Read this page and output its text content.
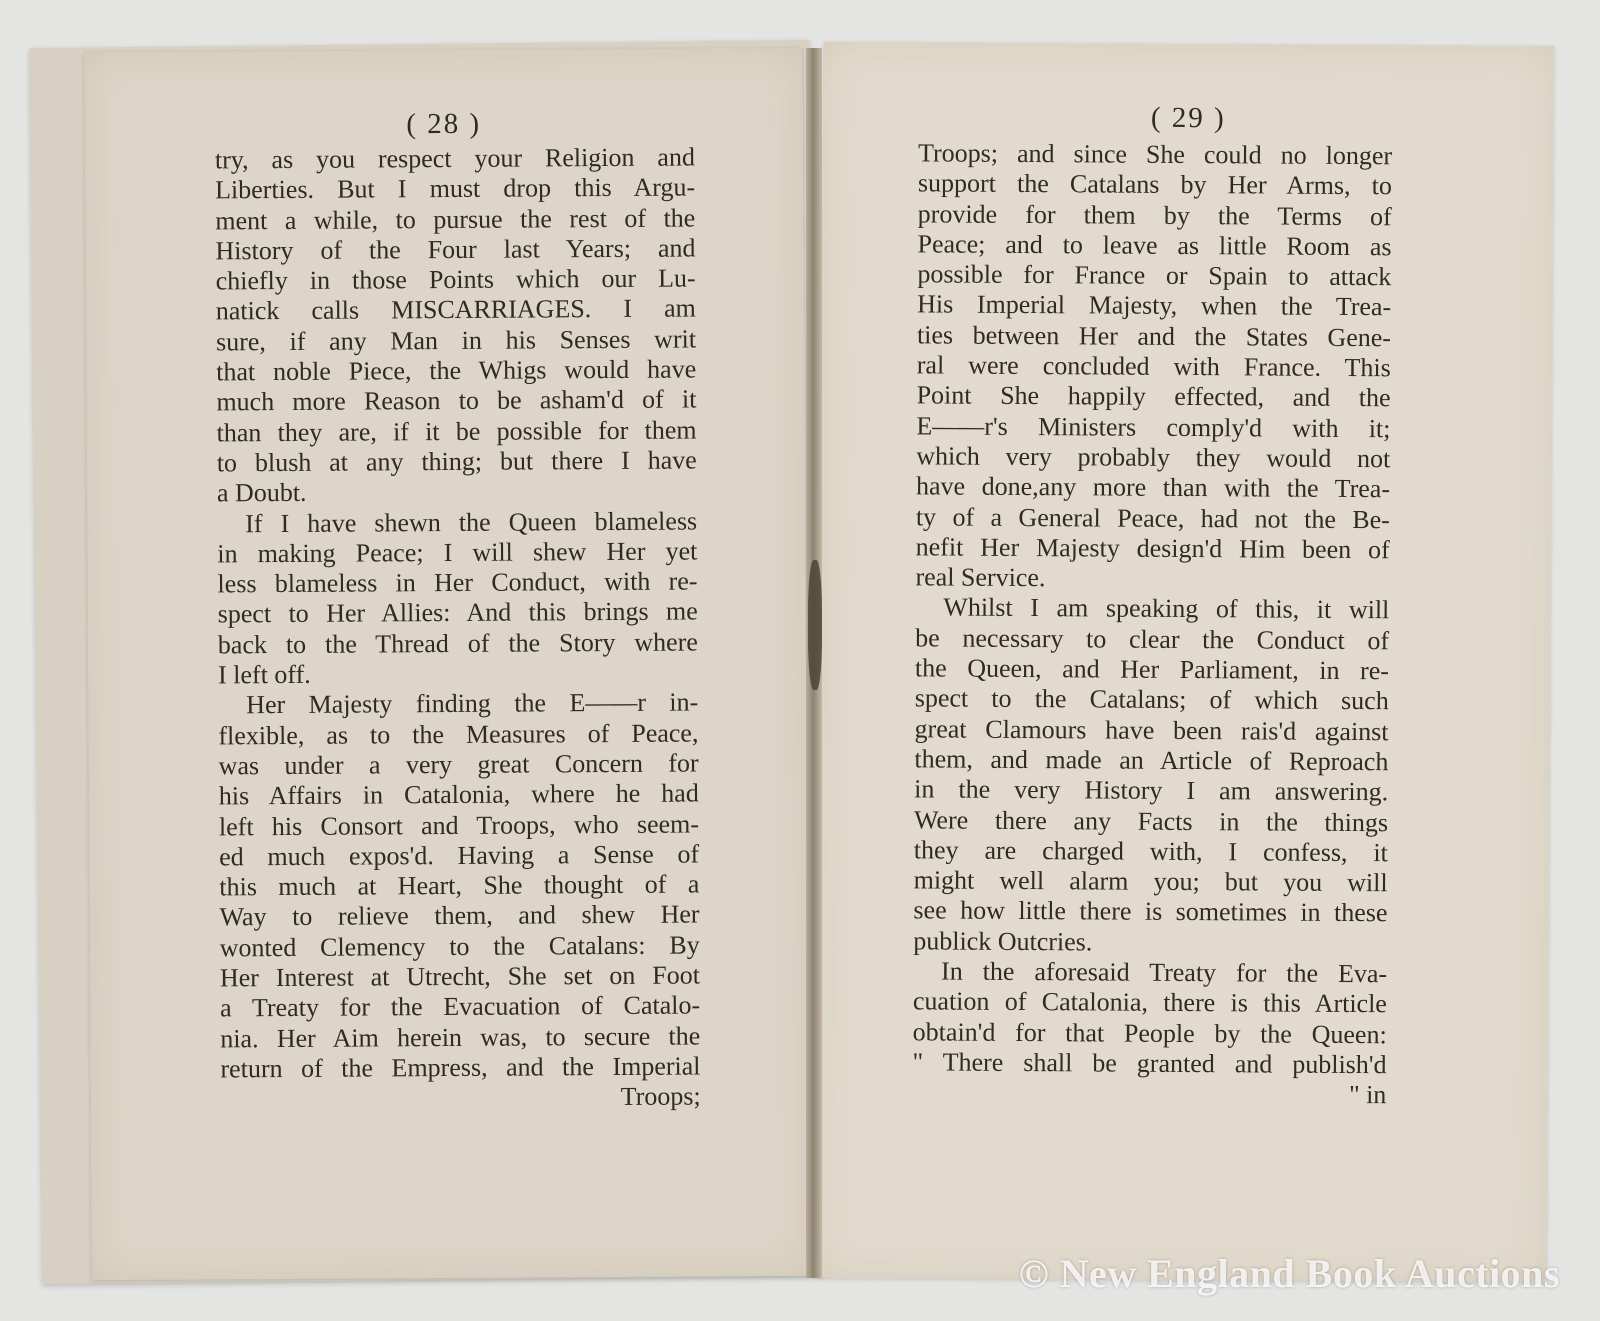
( 28 )
try, as you respect your Religion and
Liberties. But I must drop this Argu-
ment a while, to pursue the rest of the
History of the Four last Years; and
chiefly in those Points which our Lu-
natick calls MISCARRIAGES. I am
sure, if any Man in his Senses writ
that noble Piece, the Whigs would have
much more Reason to be asham'd of it
than they are, if it be possible for them
to blush at any thing; but there I have
a Doubt.
If I have shewn the Queen blameless
in making Peace; I will shew Her yet
less blameless in Her Conduct, with re-
spect to Her Allies: And this brings me
back to the Thread of the Story where
I left off.
Her Majesty finding the E——r in-
flexible, as to the Measures of Peace,
was under a very great Concern for
his Affairs in Catalonia, where he had
left his Consort and Troops, who seem-
ed much expos'd. Having a Sense of
this much at Heart, She thought of a
Way to relieve them, and shew Her
wonted Clemency to the Catalans: By
Her Interest at Utrecht, She set on Foot
a Treaty for the Evacuation of Catalo-
nia. Her Aim herein was, to secure the
return of the Empress, and the Imperial
Troops;
( 29 )
Troops; and since She could no longer
support the Catalans by Her Arms, to
provide for them by the Terms of
Peace; and to leave as little Room as
possible for France or Spain to attack
His Imperial Majesty, when the Trea-
ties between Her and the States Gene-
ral were concluded with France. This
Point She happily effected, and the
E——r's Ministers comply'd with it;
which very probably they would not
have done,any more than with the Trea-
ty of a General Peace, had not the Be-
nefit Her Majesty design'd Him been of
real Service.
Whilst I am speaking of this, it will
be necessary to clear the Conduct of
the Queen, and Her Parliament, in re-
spect to the Catalans; of which such
great Clamours have been rais'd against
them, and made an Article of Reproach
in the very History I am answering.
Were there any Facts in the things
they are charged with, I confess, it
might well alarm you; but you will
see how little there is sometimes in these
publick Outcries.
In the aforesaid Treaty for the Eva-
cuation of Catalonia, there is this Article
obtain'd for that People by the Queen:
" There shall be granted and publish'd
" in
© New England Book Auctions
